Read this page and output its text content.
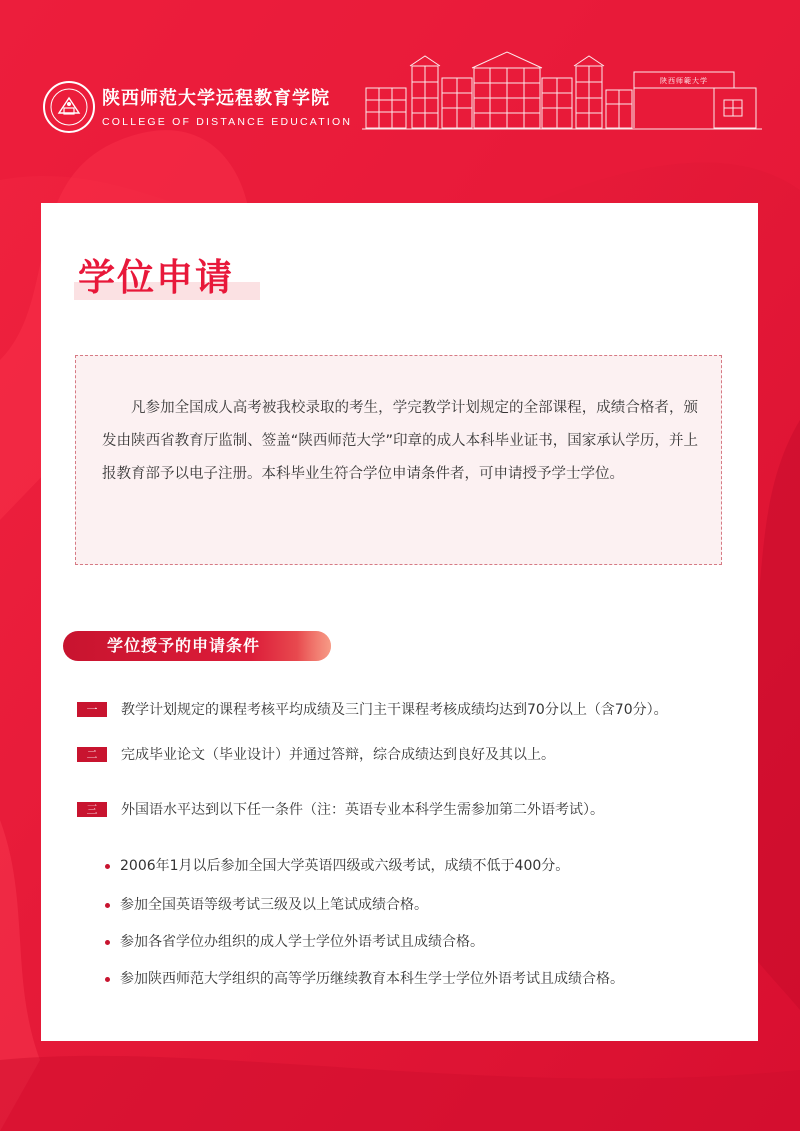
陕西师范大学远程教育学院
COLLEGE OF DISTANCE EDUCATION
陕西师範大学
学位申请

凡参加全国成人高考被我校录取的考生，学完教学计划规定的全部课程，成绩合格者，颁发由陕西省教育厅监制、签盖“陕西师范大学”印章的成人本科毕业证书，国家承认学历，并上报教育部予以电子注册。本科毕业生符合学位申请条件者，可申请授予学士学位。

学位授予的申请条件
一	教学计划规定的课程考核平均成绩及三门主干课程考核成绩均达到70分以上（含70分）。
二	完成毕业论文（毕业设计）并通过答辩，综合成绩达到良好及其以上。
三	外国语水平达到以下任一条件（注：英语专业本科学生需参加第二外语考试）。
2006年1月以后参加全国大学英语四级或六级考试，成绩不低于400分。
参加全国英语等级考试三级及以上笔试成绩合格。
参加各省学位办组织的成人学士学位外语考试且成绩合格。
参加陕西师范大学组织的高等学历继续教育本科生学士学位外语考试且成绩合格。
